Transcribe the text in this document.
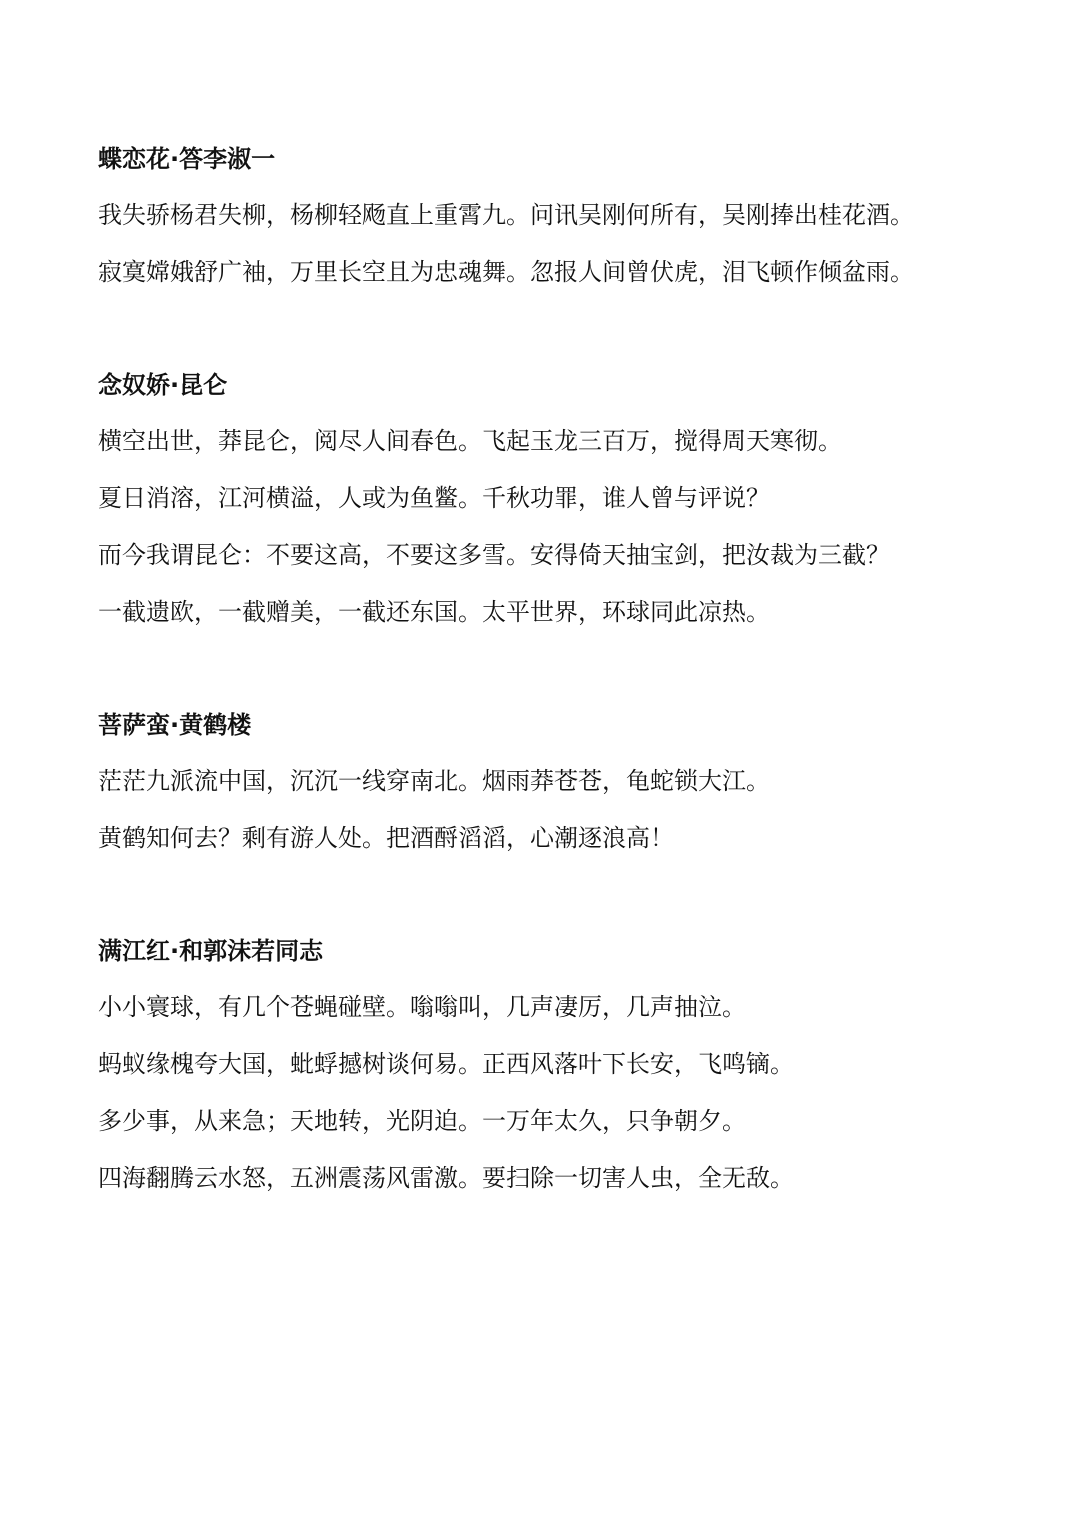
蝶恋花·答李淑一
我失骄杨君失柳，杨柳轻飏直上重霄九。问讯吴刚何所有，吴刚捧出桂花酒。
寂寞嫦娥舒广袖，万里长空且为忠魂舞。忽报人间曾伏虎，泪飞顿作倾盆雨。
念奴娇·昆仑
横空出世，莽昆仑，阅尽人间春色。飞起玉龙三百万，搅得周天寒彻。
夏日消溶，江河横溢，人或为鱼鳖。千秋功罪，谁人曾与评说？
而今我谓昆仑：不要这高，不要这多雪。安得倚天抽宝剑，把汝裁为三截？
一截遗欧，一截赠美，一截还东国。太平世界，环球同此凉热。
菩萨蛮·黄鹤楼
茫茫九派流中国，沉沉一线穿南北。烟雨莽苍苍，龟蛇锁大江。
黄鹤知何去？剩有游人处。把酒酹滔滔，心潮逐浪高！
满江红·和郭沫若同志
小小寰球，有几个苍蝇碰壁。嗡嗡叫，几声凄厉，几声抽泣。
蚂蚁缘槐夸大国，蚍蜉撼树谈何易。正西风落叶下长安，飞鸣镝。
多少事，从来急；天地转，光阴迫。一万年太久，只争朝夕。
四海翻腾云水怒，五洲震荡风雷激。要扫除一切害人虫，全无敌。
